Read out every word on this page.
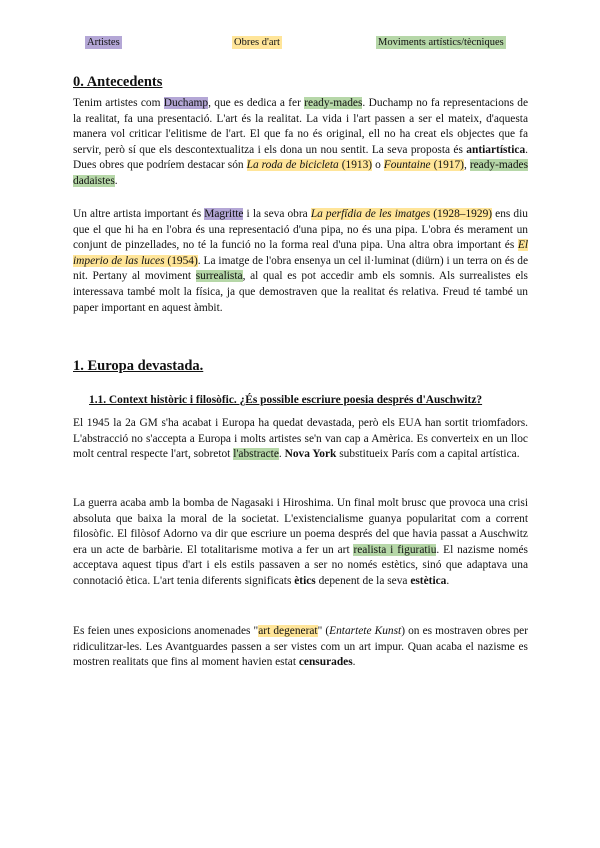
Artistes	Obres d'art	Moviments artístics/tècniques
0. Antecedents

Tenim artistes com Duchamp, que es dedica a fer ready-mades. Duchamp no fa representacions de la realitat, fa una presentació. L'art és la realitat. La vida i l'art passen a ser el mateix, d'aquesta manera vol criticar l'elitisme de l'art. El que fa no és original, ell no ha creat els objectes que fa servir, però sí que els descontextualitza i els dona un nou sentit. La seva proposta és antiartística. Dues obres que podríem destacar són La roda de bicicleta (1913) o Fountaine (1917), ready-mades dadaistes.

Un altre artista important és Magritte i la seva obra La perfídia de les imatges (1928–1929) ens diu que el que hi ha en l'obra és una representació d'una pipa, no és una pipa. L'obra és merament un conjunt de pinzellades, no té la funció no la forma real d'una pipa. Una altra obra important és El imperio de las luces (1954). La imatge de l'obra ensenya un cel il·luminat (diürn) i un terra on és de nit. Pertany al moviment surrealista, al qual es pot accedir amb els somnis. Als surrealistes els interessava també molt la física, ja que demostraven que la realitat és relativa. Freud té també un paper important en aquest àmbit.

1. Europa devastada.
1.1. Context històric i filosòfic. ¿És possible escriure poesia després d'Auschwitz?

El 1945 la 2a GM s'ha acabat i Europa ha quedat devastada, però els EUA han sortit triomfadors. L'abstracció no s'accepta a Europa i molts artistes se'n van cap a Amèrica. Es converteix en un lloc molt central respecte l'art, sobretot l'abstracte. Nova York substitueix París com a capital artística.

La guerra acaba amb la bomba de Nagasaki i Hiroshima. Un final molt brusc que provoca una crisi absoluta que baixa la moral de la societat. L'existencialisme guanya popularitat com a corrent filosòfic. El filòsof Adorno va dir que escriure un poema després del que havia passat a Auschwitz era un acte de barbàrie. El totalitarisme motiva a fer un art realista i figuratiu. El nazisme només acceptava aquest tipus d'art i els estils passaven a ser no només estètics, sinó que adaptava una connotació ètica. L'art tenia diferents significats ètics depenent de la seva estètica.

Es feien unes exposicions anomenades "art degenerat" (Entartete Kunst) on es mostraven obres per ridiculitzar-les. Les Avantguardes passen a ser vistes com un art impur. Quan acaba el nazisme es mostren realitats que fins al moment havien estat censurades.
